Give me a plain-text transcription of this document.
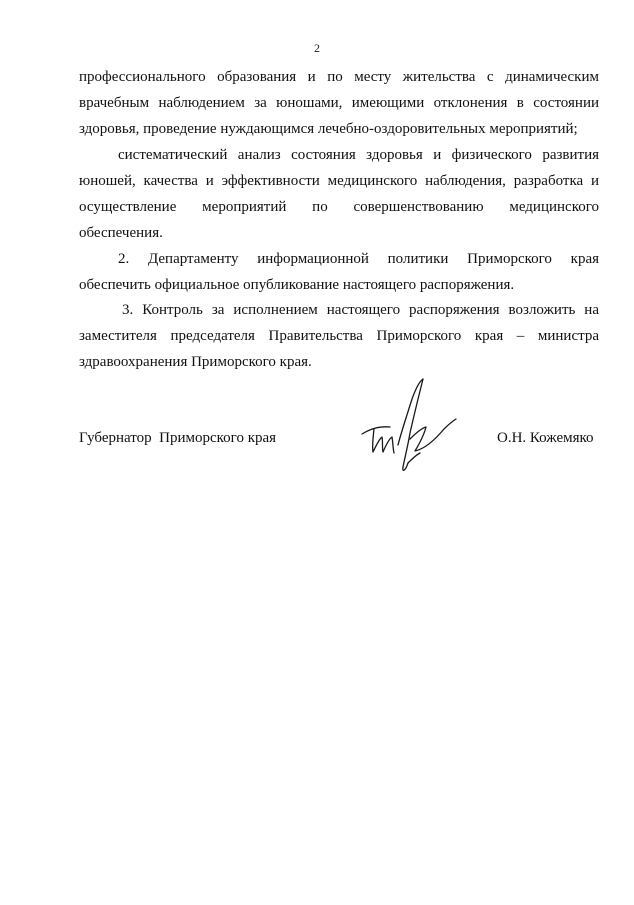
2
профессионального образования и по месту жительства с динамическим
врачебным наблюдением за юношами, имеющими отклонения в состоянии
здоровья, проведение нуждающимся лечебно-оздоровительных мероприятий;
систематический анализ состояния здоровья и физического развития
юношей, качества и эффективности медицинского наблюдения, разработка и
осуществление мероприятий по совершенствованию медицинского
обеспечения.
2. Департаменту информационной политики Приморского края
обеспечить официальное опубликование настоящего распоряжения.
3. Контроль за исполнением настоящего распоряжения возложить на
заместителя председателя Правительства Приморского края – министра
здравоохранения Приморского края.
Губернатор  Приморского края	О.Н. Кожемяко
